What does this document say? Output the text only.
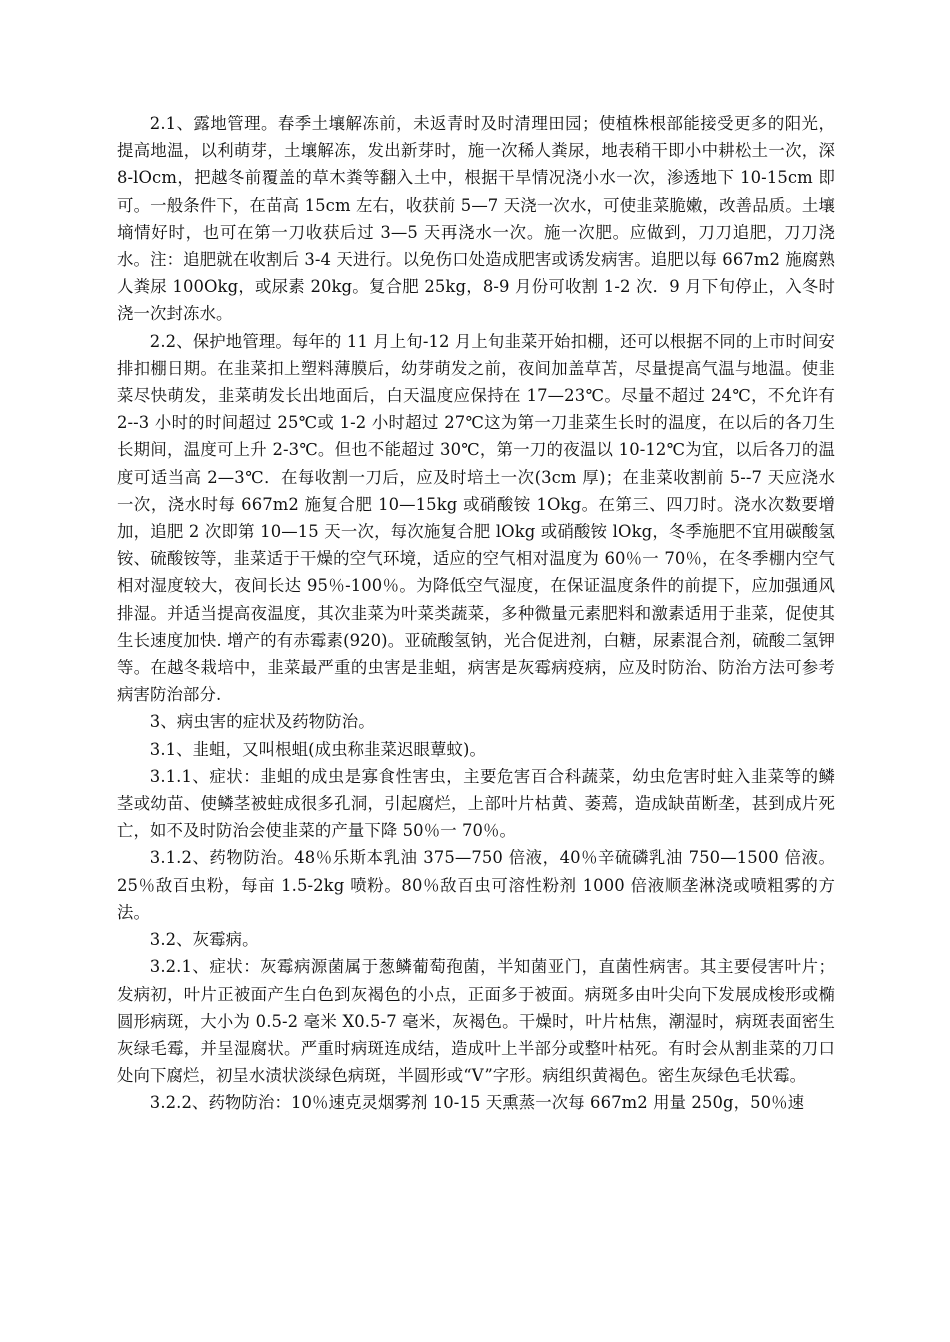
2.1、露地管理。春季土壤解冻前，未返青时及时清理田园；使植株根部能接受更多的阳光，提高地温，以利萌芽，土壤解冻，发出新芽时，施一次稀人粪尿，地表稍干即小中耕松土一次，深 8-lOcm，把越冬前覆盖的草木粪等翻入土中，根据干旱情况浇小水一次，渗透地下 10-15cm 即可。一般条件下，在苗高 15cm 左右，收获前 5—7 天浇一次水，可使韭菜脆嫩，改善品质。土壤墒情好时，也可在第一刀收获后过 3—5 天再浇水一次。施一次肥。应做到，刀刀追肥，刀刀浇水。注：追肥就在收割后 3-4 天进行。以免伤口处造成肥害或诱发病害。追肥以每 667m2 施腐熟人粪尿 100Okg，或尿素 20kg。复合肥 25kg，8-9 月份可收割 1-2 次．9 月下旬停止，入冬时浇一次封冻水。

2.2、保护地管理。每年的 11 月上旬-12 月上旬韭菜开始扣棚，还可以根据不同的上市时间安排扣棚日期。在韭菜扣上塑料薄膜后，幼芽萌发之前，夜间加盖草苫，尽量提高气温与地温。使韭菜尽快萌发，韭菜萌发长出地面后，白天温度应保持在 17—23℃。尽量不超过 24℃，不允许有 2--3 小时的时间超过 25℃或 1-2 小时超过 27℃这为第一刀韭菜生长时的温度，在以后的各刀生长期间，温度可上升 2-3℃。但也不能超过 30℃，第一刀的夜温以 10-12℃为宜，以后各刀的温度可适当高 2—3℃．在每收割一刀后，应及时培土一次(3cm 厚)；在韭菜收割前 5--7 天应浇水一次，浇水时每 667m2 施复合肥 10—15kg 或硝酸铵 1Okg。在第三、四刀时。浇水次数要增加，追肥 2 次即第 10—15 天一次，每次施复合肥 lOkg 或硝酸铵 lOkg，冬季施肥不宜用碳酸氢铵、硫酸铵等，韭菜适于干燥的空气环境，适应的空气相对温度为 60％一 70％，在冬季棚内空气相对湿度较大，夜间长达 95％-100％。为降低空气湿度，在保证温度条件的前提下，应加强通风排湿。并适当提高夜温度，其次韭菜为叶菜类蔬菜，多种微量元素肥料和激素适用于韭菜，促使其生长速度加快. 增产的有赤霉素(920)。亚硫酸氢钠，光合促进剂，白糖，尿素混合剂，硫酸二氢钾等。在越冬栽培中，韭菜最严重的虫害是韭蛆，病害是灰霉病疫病，应及时防治、防治方法可参考病害防治部分.

3、病虫害的症状及药物防治。

3.1、韭蛆，又叫根蛆(成虫称韭菜迟眼蕈蚊)。

3.1.1、症状：韭蛆的成虫是寡食性害虫，主要危害百合科蔬菜，幼虫危害时蛀入韭菜等的鳞茎或幼苗、使鳞茎被蛀成很多孔洞，引起腐烂，上部叶片枯黄、萎蔫，造成缺苗断垄，甚到成片死亡，如不及时防治会使韭菜的产量下降 50％一 70％。

3.1.2、药物防治。48％乐斯本乳油 375—750 倍液，40％辛硫磷乳油 750—1500 倍液。25％敌百虫粉，每亩 1.5-2kg 喷粉。80％敌百虫可溶性粉剂 1000 倍液顺垄淋浇或喷粗雾的方法。

3.2、灰霉病。

3.2.1、症状：灰霉病源菌属于葱鳞葡萄孢菌，半知菌亚门，直菌性病害。其主要侵害叶片；发病初，叶片正被面产生白色到灰褐色的小点，正面多于被面。病斑多由叶尖向下发展成梭形或椭圆形病斑，大小为 0.5-2 毫米 X0.5-7 毫米，灰褐色。干燥时，叶片枯焦，潮湿时，病斑表面密生灰绿毛霉，并呈湿腐状。严重时病斑连成结，造成叶上半部分或整叶枯死。有时会从割韭菜的刀口处向下腐烂，初呈水渍状淡绿色病斑，半圆形或“V”字形。病组织黄褐色。密生灰绿色毛状霉。

3.2.2、药物防治：10％速克灵烟雾剂 10-15 天熏蒸一次每 667m2 用量 250g，50％速
